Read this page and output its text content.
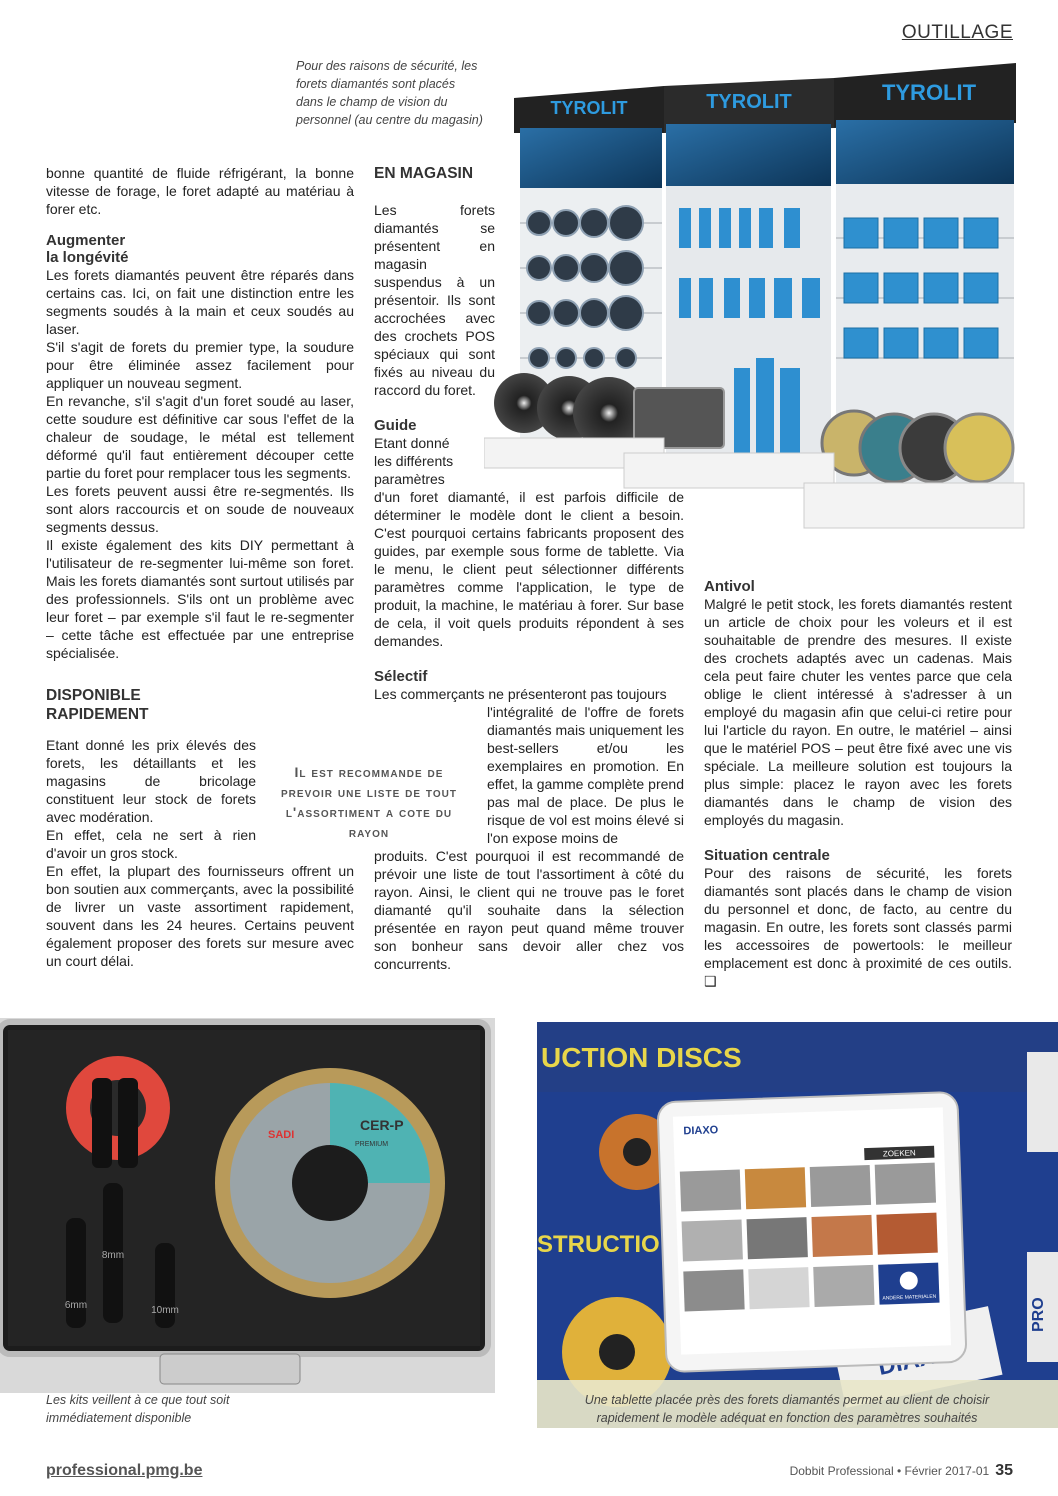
OUTILLAGE
Pour des raisons de sécurité, les forets diamantés sont placés dans le champ de vision du personnel (au centre du magasin)
TYROLIT	TYROLIT	TYROLIT

bonne quantité de fluide réfrigérant, la bonne vitesse de forage, le foret adapté au matériau à forer etc.

Augmenter la longévité

Les forets diamantés peuvent être réparés dans certains cas. Ici, on fait une distinction entre les segments soudés à la main et ceux soudés au laser.

S'il s'agit de forets du premier type, la soudure pour être éliminée assez facilement pour appliquer un nouveau segment.

En revanche, s'il s'agit d'un foret soudé au laser, cette soudure est définitive car sous l'effet de la chaleur de soudage, le métal est tellement déformé qu'il faut entièrement découper cette partie du foret pour remplacer tous les segments.

Les forets peuvent aussi être re-segmentés. Ils sont alors raccourcis et on soude de nouveaux segments dessus.

Il existe également des kits DIY permettant à l'utilisateur de re-segmenter lui-même son foret. Mais les forets diamantés sont surtout utilisés par des professionnels. S'ils ont un problème avec leur foret – par exemple s'il faut le re-segmenter – cette tâche est effectuée par une entreprise spécialisée.

DISPONIBLE RAPIDEMENT

Etant donné les prix élevés des forets, les détaillants et les magasins de bricolage constituent leur stock de forets avec modération.

En effet, cela ne sert à rien d'avoir un gros stock.

En effet, la plupart des fournisseurs offrent un bon soutien aux commerçants, avec la possibilité de livrer un vaste assortiment rapidement, souvent dans les 24 heures. Certains peuvent également proposer des forets sur mesure avec un court délai.

Il est recommande de prevoir une liste de tout l'assortiment a cote du rayon
EN MAGASIN

Les forets diamantés se présentent en magasin suspendus à un présentoir. Ils sont accrochées avec des crochets POS spéciaux qui sont fixés au niveau du raccord du foret.

Guide

Etant donné les différents paramètres

d'un foret diamanté, il est parfois difficile de déterminer le modèle dont le client a besoin. C'est pourquoi certains fabricants proposent des guides, par exemple sous forme de tablette. Via le menu, le client peut sélectionner différents paramètres comme l'application, le type de produit, la machine, le matériau à forer. Sur base de cela, il voit quels produits répondent à ses demandes.

Sélectif

Les commerçants ne présenteront pas toujours

l'intégralité de l'offre de forets diamantés mais uniquement les best-sellers et/ou les exemplaires en promotion. En effet, la gamme complète prend pas mal de place. De plus le risque de vol est moins élevé si l'on expose moins de

produits. C'est pourquoi il est recommandé de prévoir une liste de tout l'assortiment à côté du rayon. Ainsi, le client qui ne trouve pas le foret diamanté qu'il souhaite dans la sélection présentée en rayon peut quand même trouver son bonheur sans devoir aller chez vos concurrents.

Antivol

Malgré le petit stock, les forets diamantés restent un article de choix pour les voleurs et il est souhaitable de prendre des mesures. Il existe des crochets adaptés avec un cadenas. Mais cela peut faire chuter les ventes parce que cela oblige le client intéressé à s'adresser à un employé du magasin afin que celui-ci retire pour lui l'article du rayon. En outre, le matériel – ainsi que le matériel POS – peut être fixé avec une vis spéciale. La meilleure solution est toujours la plus simple: placez le rayon avec les forets diamantés dans le champ de vision des employés du magasin.

Situation centrale

Pour des raisons de sécurité, les forets diamantés sont placés dans le champ de vision du personnel et donc, de facto, au centre du magasin. En outre, les forets sont classés parmi les accessoires de powertools: le meilleur emplacement est donc à proximité de ces outils. ❑

8mm
6mm	10mm
SADI
CER-P
PREMIUM
Les kits veillent à ce que tout soit immédiatement disponible
UCTION DISCS
STRUCTIO
PRO
DIAXO
ZOEKEN
ANDERE MATERIALEN
Une tablette placée près des forets diamantés permet au client de choisir rapidement le modèle adéquat en fonction des paramètres souhaités
professional.pmg.be	Dobbit Professional • Février 2017-01 35
